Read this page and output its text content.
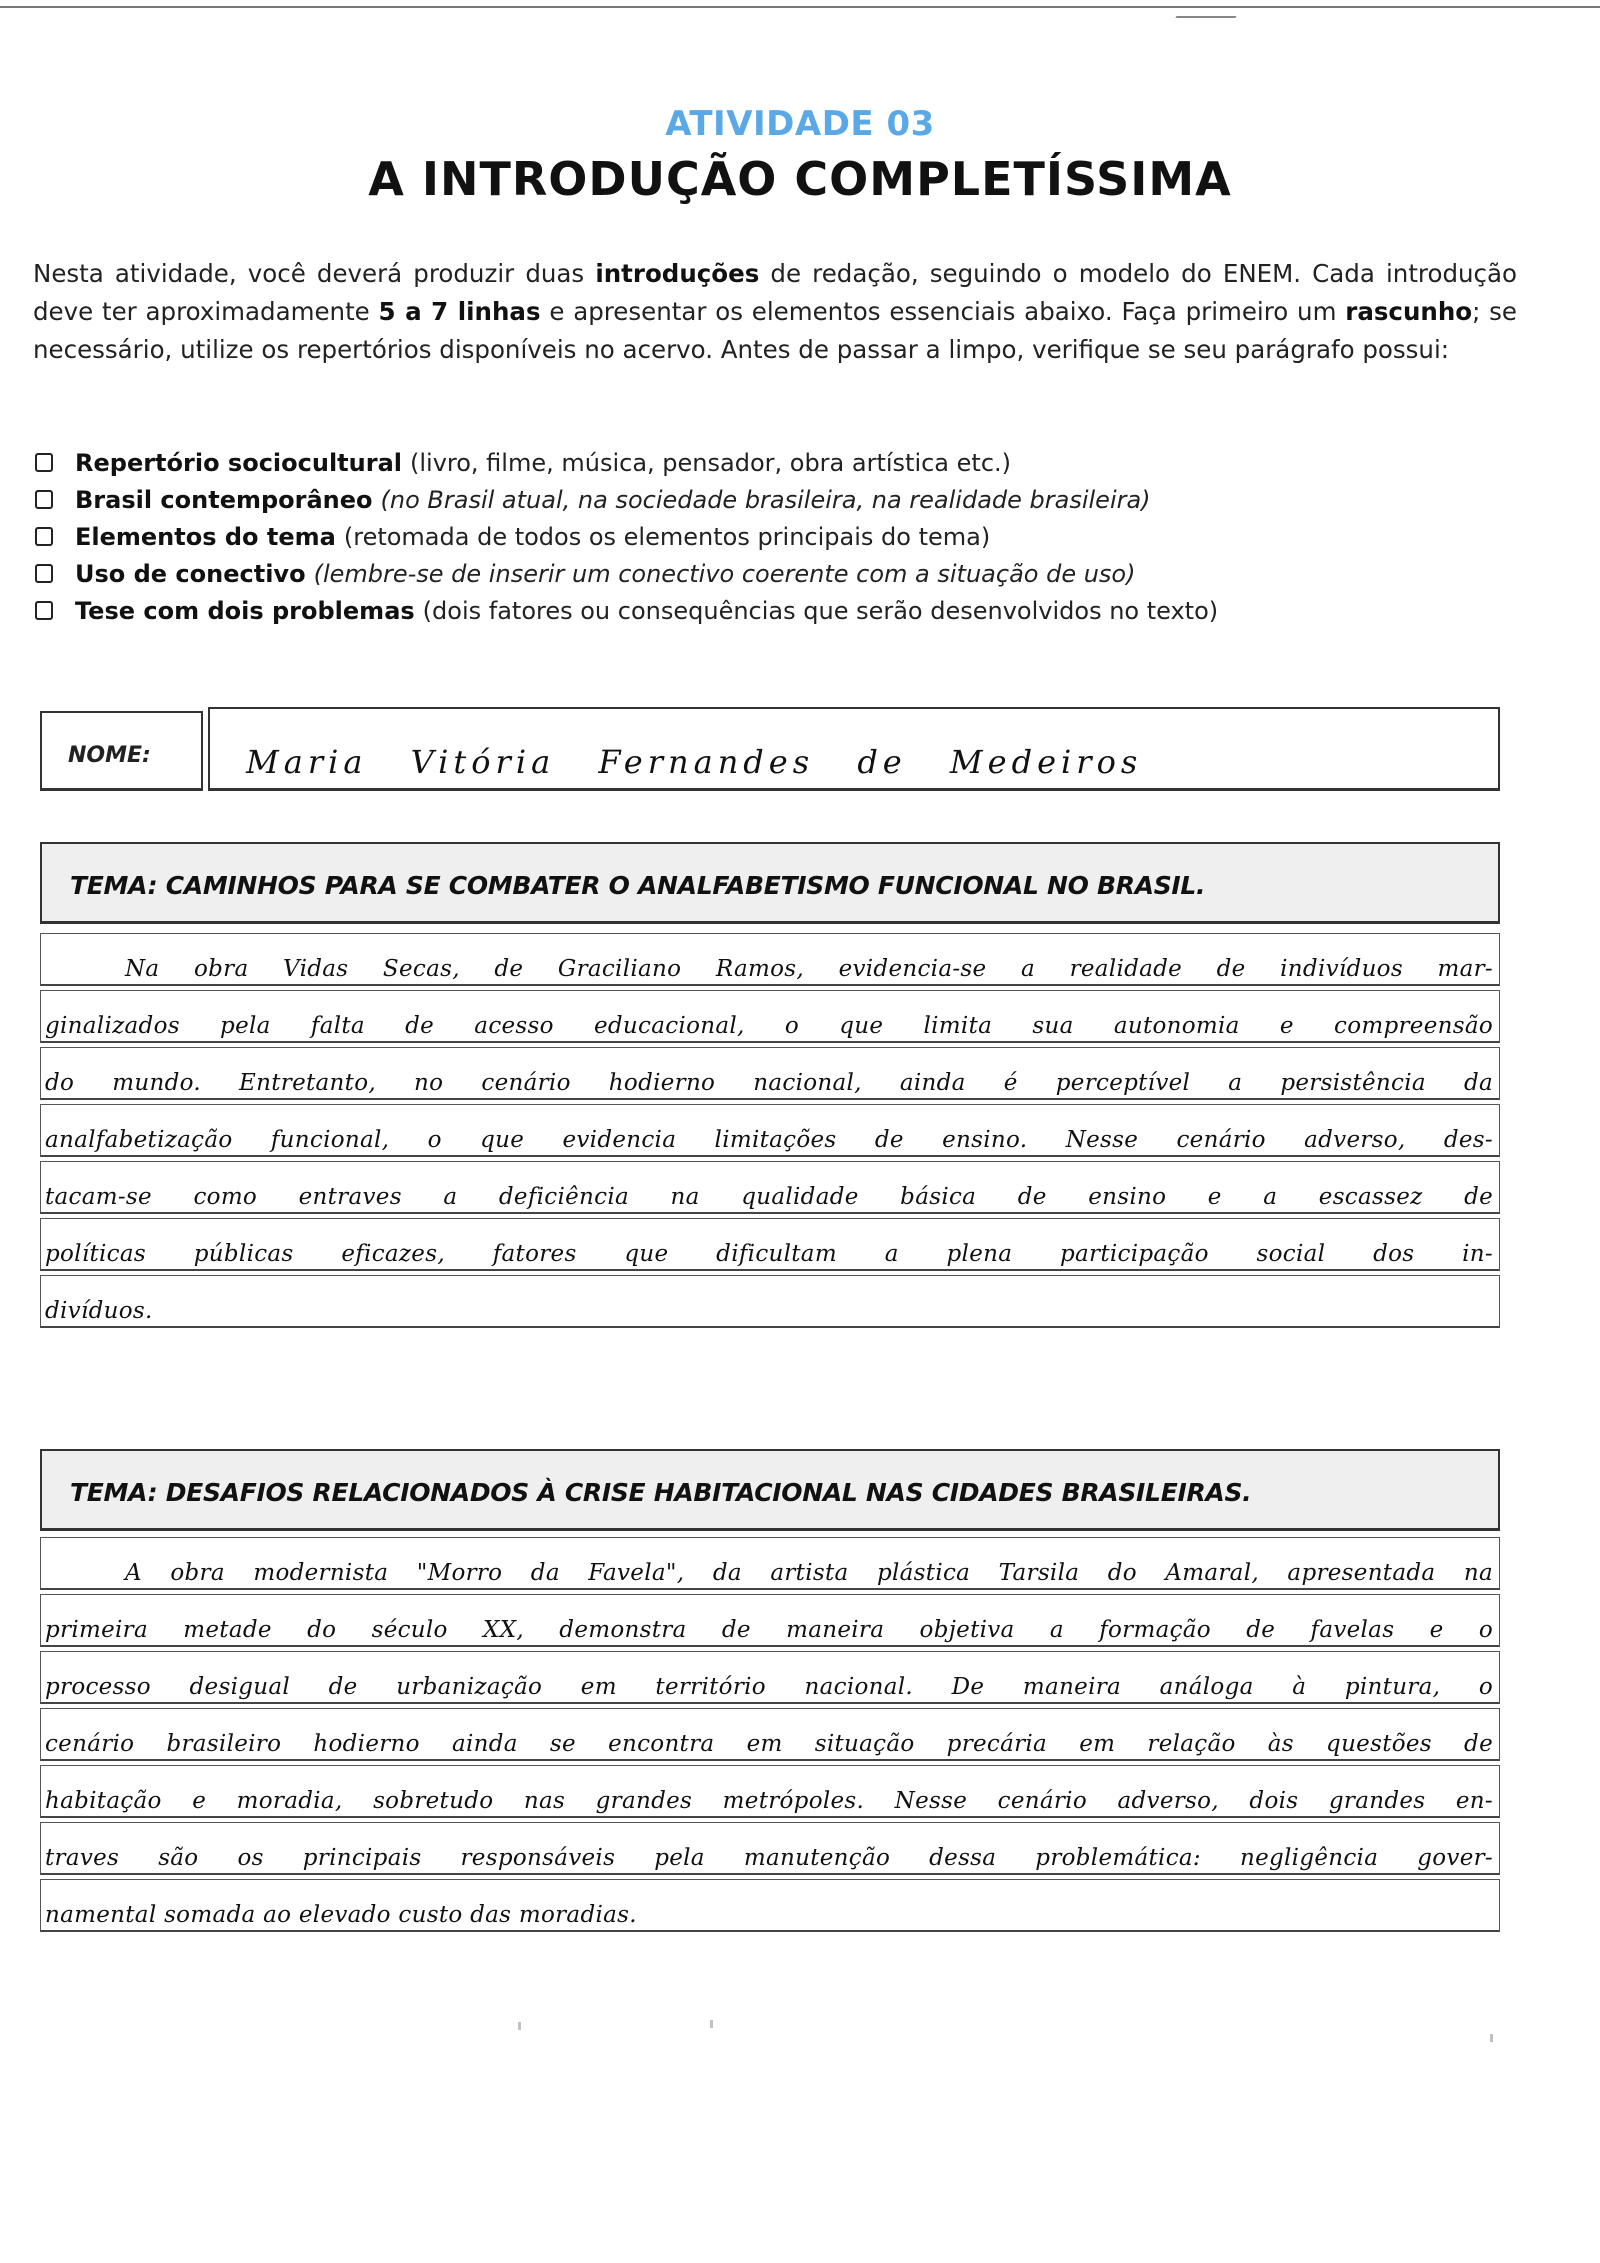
ATIVIDADE 03
A INTRODUÇÃO COMPLETÍSSIMA
Nesta atividade, você deverá produzir duas introduções de redação, seguindo o modelo do ENEM. Cada introdução deve ter aproximadamente 5 a 7 linhas e apresentar os elementos essenciais abaixo. Faça primeiro um rascunho; se necessário, utilize os repertórios disponíveis no acervo. Antes de passar a limpo, verifique se seu parágrafo possui:
Repertório sociocultural (livro, filme, música, pensador, obra artística etc.)
Brasil contemporâneo (no Brasil atual, na sociedade brasileira, na realidade brasileira)
Elementos do tema (retomada de todos os elementos principais do tema)
Uso de conectivo (lembre-se de inserir um conectivo coerente com a situação de uso)
Tese com dois problemas (dois fatores ou consequências que serão desenvolvidos no texto)
NOME:	Maria Vitória Fernandes de Medeiros
TEMA: CAMINHOS PARA SE COMBATER O ANALFABETISMO FUNCIONAL NO BRASIL.
Na obra Vidas Secas, de Graciliano Ramos, evidencia-se a realidade de indivíduos mar-
ginalizados pela falta de acesso educacional, o que limita sua autonomia e compreensão
do mundo. Entretanto, no cenário hodierno nacional, ainda é perceptível a persistência da
analfabetização funcional, o que evidencia limitações de ensino. Nesse cenário adverso, des-
tacam-se como entraves a deficiência na qualidade básica de ensino e a escassez de
políticas públicas eficazes, fatores que dificultam a plena participação social dos in-
divíduos.
TEMA: DESAFIOS RELACIONADOS À CRISE HABITACIONAL NAS CIDADES BRASILEIRAS.
A obra modernista "Morro da Favela", da artista plástica Tarsila do Amaral, apresentada na
primeira metade do século XX, demonstra de maneira objetiva a formação de favelas e o
processo desigual de urbanização em território nacional. De maneira análoga à pintura, o
cenário brasileiro hodierno ainda se encontra em situação precária em relação às questões de
habitação e moradia, sobretudo nas grandes metrópoles. Nesse cenário adverso, dois grandes en-
traves são os principais responsáveis pela manutenção dessa problemática: negligência gover-
namental somada ao elevado custo das moradias.
